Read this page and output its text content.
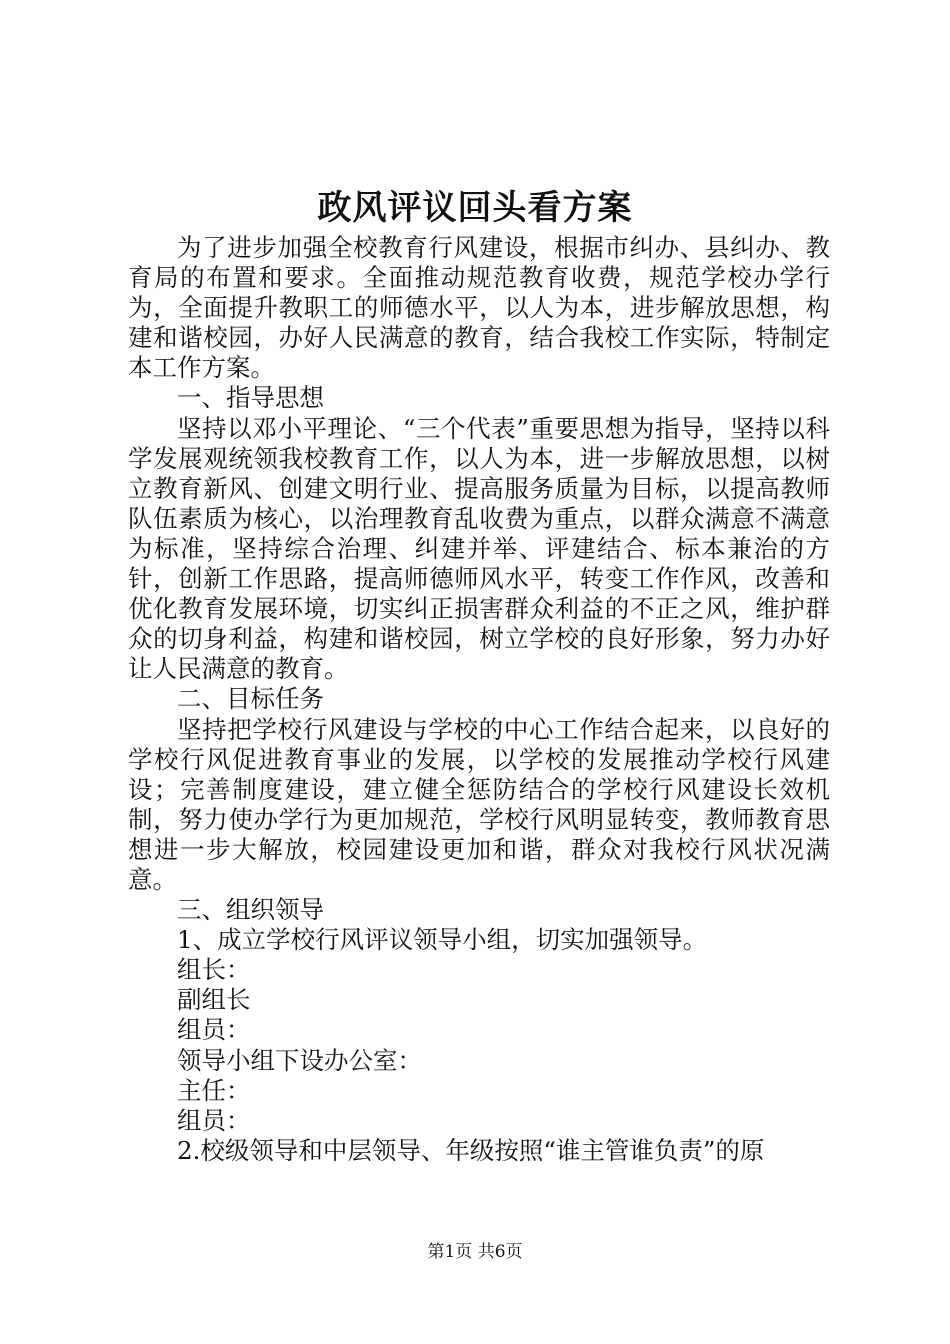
政风评议回头看方案

为了进步加强全校教育行风建设，根据市纠办、县纠办、教育局的布置和要求。全面推动规范教育收费，规范学校办学行为，全面提升教职工的师德水平，以人为本，进步解放思想，构建和谐校园，办好人民满意的教育，结合我校工作实际，特制定本工作方案。

一、指导思想

坚持以邓小平理论、“三个代表”重要思想为指导，坚持以科学发展观统领我校教育工作，以人为本，进一步解放思想，以树立教育新风、创建文明行业、提高服务质量为目标，以提高教师队伍素质为核心，以治理教育乱收费为重点，以群众满意不满意为标准，坚持综合治理、纠建并举、评建结合、标本兼治的方针，创新工作思路，提高师德师风水平，转变工作作风，改善和优化教育发展环境，切实纠正损害群众利益的不正之风，维护群众的切身利益，构建和谐校园，树立学校的良好形象，努力办好让人民满意的教育。

二、目标任务

坚持把学校行风建设与学校的中心工作结合起来，以良好的学校行风促进教育事业的发展，以学校的发展推动学校行风建设；完善制度建设，建立健全惩防结合的学校行风建设长效机制，努力使办学行为更加规范，学校行风明显转变，教师教育思想进一步大解放，校园建设更加和谐，群众对我校行风状况满意。

三、组织领导

1、成立学校行风评议领导小组，切实加强领导。

组长：

副组长

组员：

领导小组下设办公室：

主任：

组员：

2.校级领导和中层领导、年级按照“谁主管谁负责”的原

第1页 共6页
